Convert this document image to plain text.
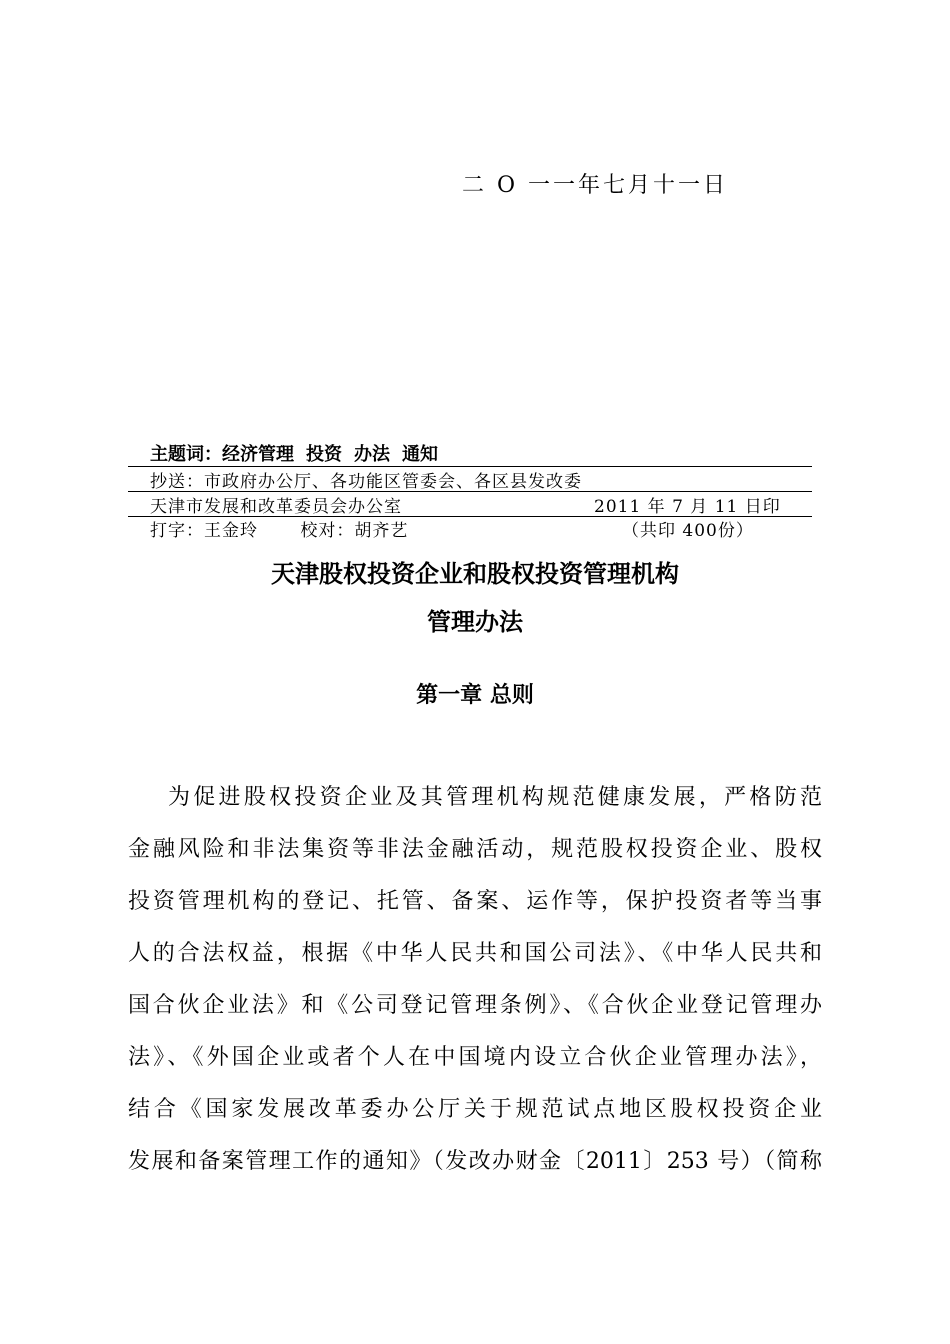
二 O 一一年七月十一日
主题词：经济管理 投资 办法 通知
抄送：市政府办公厅、各功能区管委会、各区县发改委
天津市发展和改革委员会办公室	2011 年 7 月 11 日印
打字：王金玲 校对：胡齐艺	（共印 400份）
天津股权投资企业和股权投资管理机构
管理办法
第一章 总则
为促进股权投资企业及其管理机构规范健康发展，严格防范
金融风险和非法集资等非法金融活动，规范股权投资企业、股权
投资管理机构的登记、托管、备案、运作等，保护投资者等当事
人的合法权益，根据《中华人民共和国公司法》、《中华人民共和
国合伙企业法》和《公司登记管理条例》、《合伙企业登记管理办
法》、《外国企业或者个人在中国境内设立合伙企业管理办法》，
结合《国家发展改革委办公厅关于规范试点地区股权投资企业
发展和备案管理工作的通知》（发改办财金〔2011〕253 号）（简称
